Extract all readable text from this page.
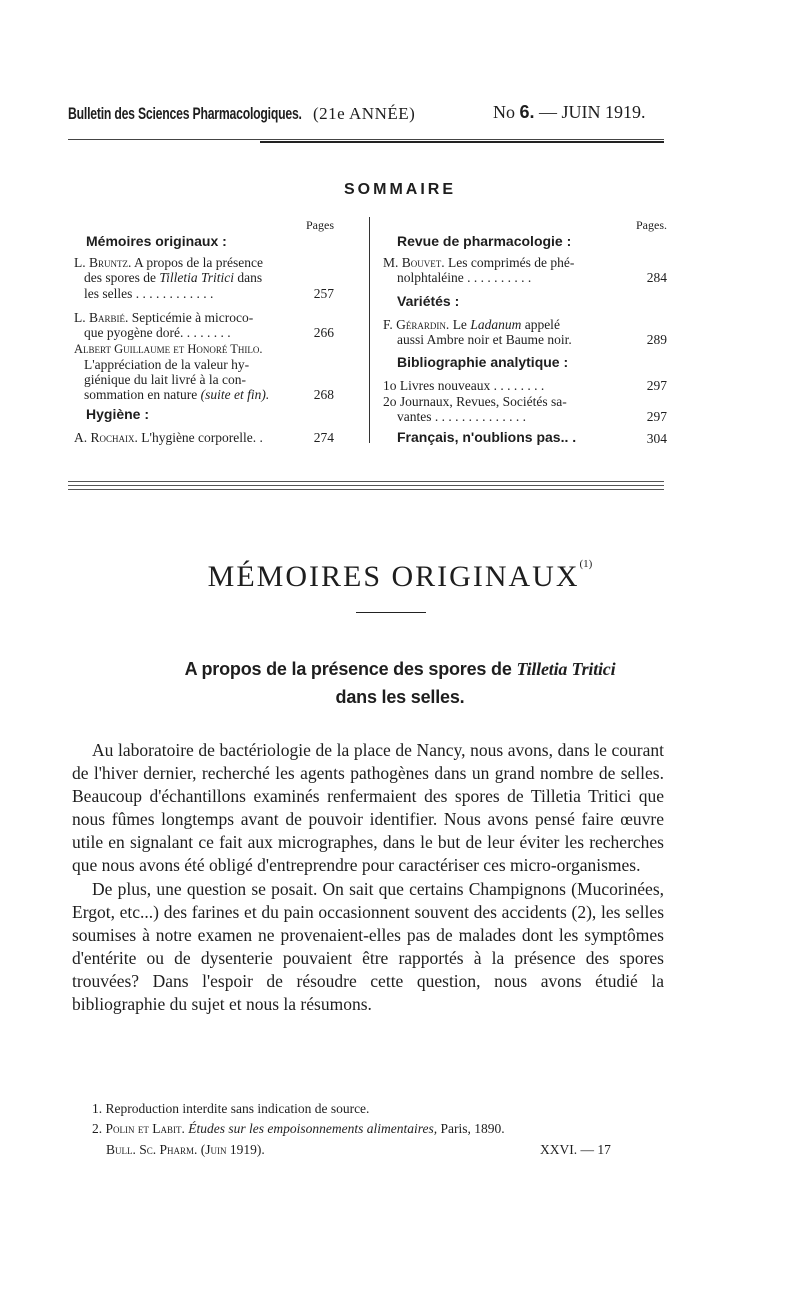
Bulletin des Sciences Pharmacologiques. (21e ANNÉE)	No 6. — JUIN 1919.
SOMMAIRE
Pages
Mémoires originaux :
L. Bruntz. A propos de la présence
des spores de Tilletia Tritici dans
les selles . . . . . . . . . . . .	257
L. Barbié. Septicémie à microco-
que pyogène doré. . . . . . . .	266
Albert Guillaume et Honoré Thilo.
L'appréciation de la valeur hy-
giénique du lait livré à la con-
sommation en nature (suite et fin).	268
Hygiène :
A. Rochaix. L'hygiène corporelle. .	274
Pages.
Revue de pharmacologie :
M. Bouvet. Les comprimés de phé-
nolphtaléine . . . . . . . . . .	284
Variétés :
F. Gérardin. Le Ladanum appelé
aussi Ambre noir et Baume noir.	289
Bibliographie analytique :
1o Livres nouveaux . . . . . . . .	297
2o Journaux, Revues, Sociétés sa-
vantes . . . . . . . . . . . . . .	297
Français, n'oublions pas.. .	304
MÉMOIRES ORIGINAUX$^{(1)}$
A propos de la présence des spores de Tilletia Tritici
dans les selles.

Au laboratoire de bactériologie de la place de Nancy, nous avons, dans le courant de l'hiver dernier, recherché les agents pathogènes dans un grand nombre de selles. Beaucoup d'échantillons examinés renfermaient des spores de Tilletia Tritici que nous fûmes longtemps avant de pouvoir identifier. Nous avons pensé faire œuvre utile en signalant ce fait aux micrographes, dans le but de leur éviter les recherches que nous avons été obligé d'entreprendre pour caractériser ces micro-organismes.

De plus, une question se posait. On sait que certains Champignons (Mucorinées, Ergot, etc...) des farines et du pain occasionnent souvent des accidents (2), les selles soumises à notre examen ne provenaient-elles pas de malades dont les symptômes d'entérite ou de dysenterie pouvaient être rapportés à la présence des spores trouvées? Dans l'espoir de résoudre cette question, nous avons étudié la bibliographie du sujet et nous la résumons.

1. Reproduction interdite sans indication de source.
2. Polin et Labit. Études sur les empoisonnements alimentaires, Paris, 1890.
Bull. Sc. Pharm. (Juin 1919).	XXVI. — 17
